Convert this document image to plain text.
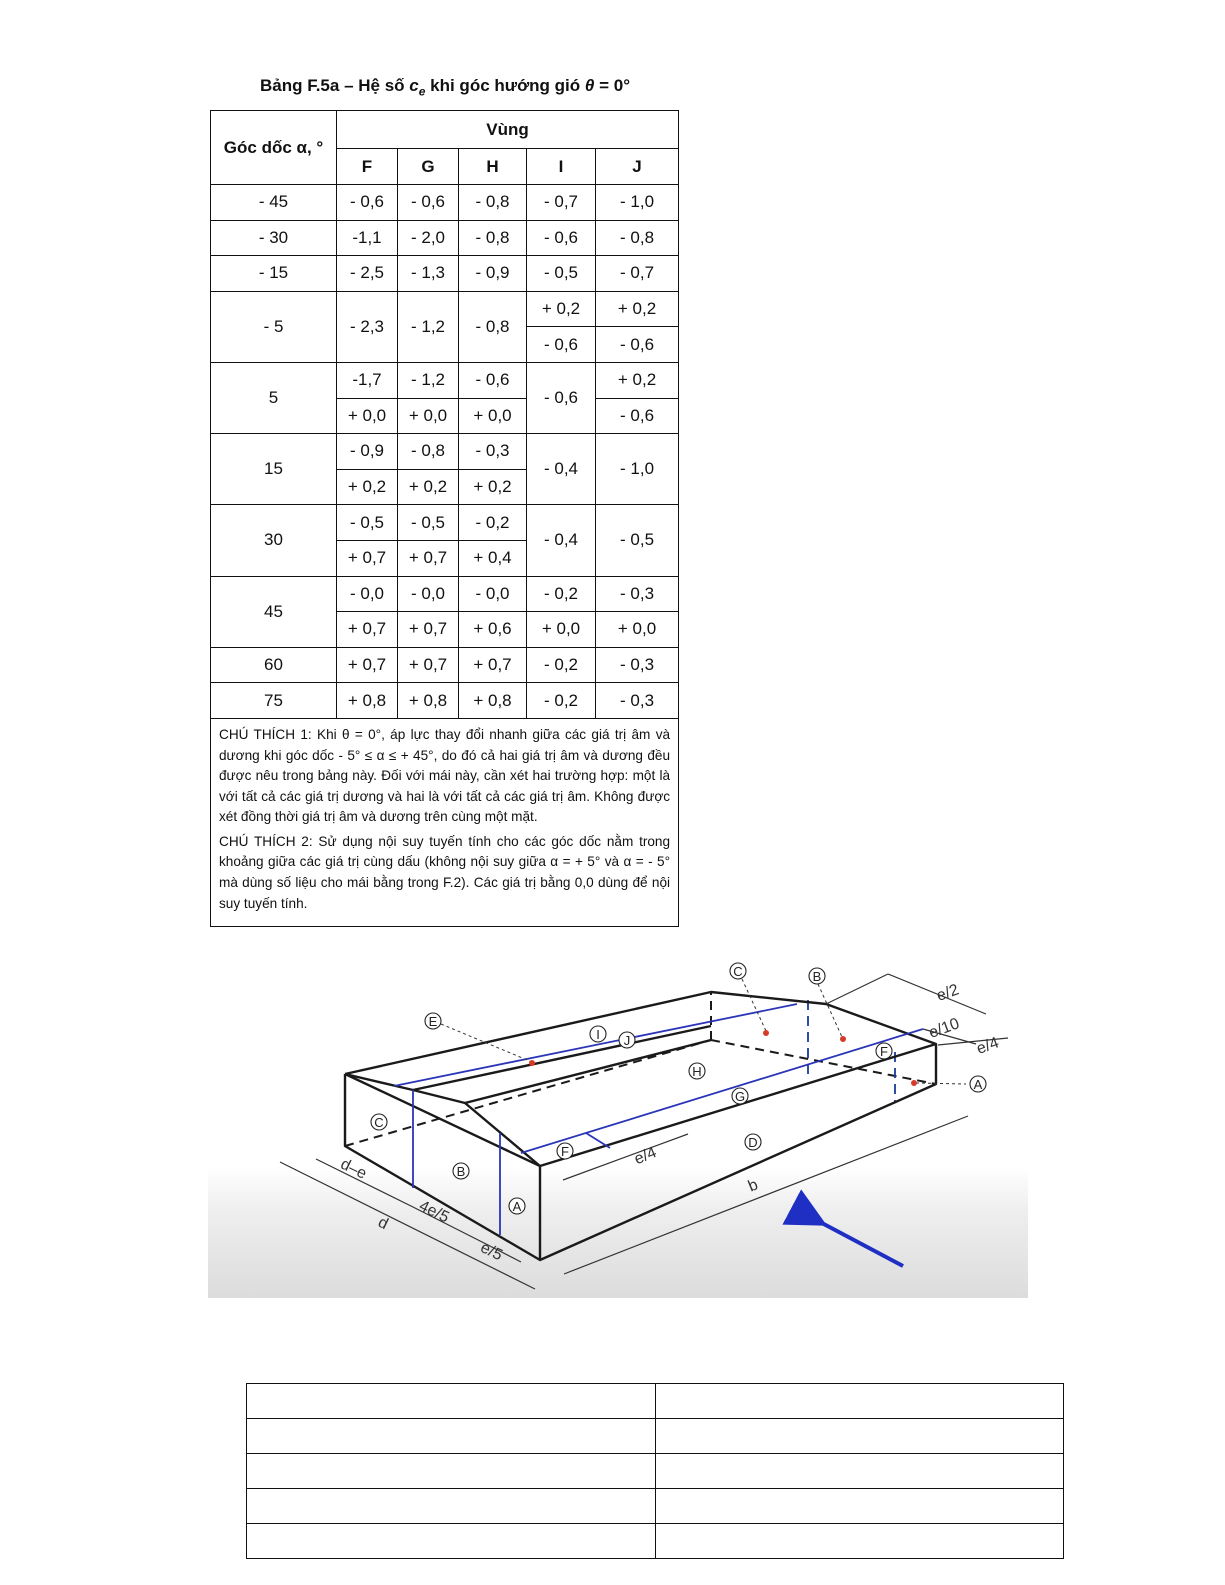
Bảng F.5a – Hệ số $c_e$ khi góc hướng gió θ = 0°
Góc dốc α, °	Vùng				
	F	G	H	I	J
- 45	- 0,6	- 0,6	- 0,8	- 0,7	- 1,0
- 30	-1,1	- 2,0	- 0,8	- 0,6	- 0,8
- 15	- 2,5	- 1,3	- 0,9	- 0,5	- 0,7
- 5	- 2,3	- 1,2	- 0,8	+ 0,2	+ 0,2
				- 0,6	- 0,6
5	-1,7	- 1,2	- 0,6	- 0,6	+ 0,2
	+ 0,0	+ 0,0	+ 0,0		- 0,6
15	- 0,9	- 0,8	- 0,3	- 0,4	- 1,0
	+ 0,2	+ 0,2	+ 0,2		
30	- 0,5	- 0,5	- 0,2	- 0,4	- 0,5
	+ 0,7	+ 0,7	+ 0,4		
45	- 0,0	- 0,0	- 0,0	- 0,2	- 0,3
	+ 0,7	+ 0,7	+ 0,6	+ 0,0	+ 0,0
60	+ 0,7	+ 0,7	+ 0,7	- 0,2	- 0,3
75	+ 0,8	+ 0,8	+ 0,8	- 0,2	- 0,3

CHÚ THÍCH 1: Khi θ = 0°, áp lực thay đổi nhanh giữa các giá trị âm và dương khi góc dốc - 5° ≤ α ≤ + 45°, do đó cả hai giá trị âm và dương đều được nêu trong bảng này. Đối với mái này, cần xét hai trường hợp: một là với tất cả các giá trị dương và hai là với tất cả các giá trị âm. Không được xét đồng thời giá trị âm và dương trên cùng một mặt.

CHÚ THÍCH 2: Sử dụng nội suy tuyến tính cho các góc dốc nằm trong khoảng giữa các giá trị cùng dấu (không nội suy giữa α = + 5° và α = - 5° mà dùng số liệu cho mái bằng trong F.2). Các giá trị bằng 0,0 dùng để nội suy tuyến tính.					

C
B
A
E
I J
C	B
H
G
F
F
D
A
d–e
d 4e/5
e/5
b
e/4
e/2
e/10
e/4
